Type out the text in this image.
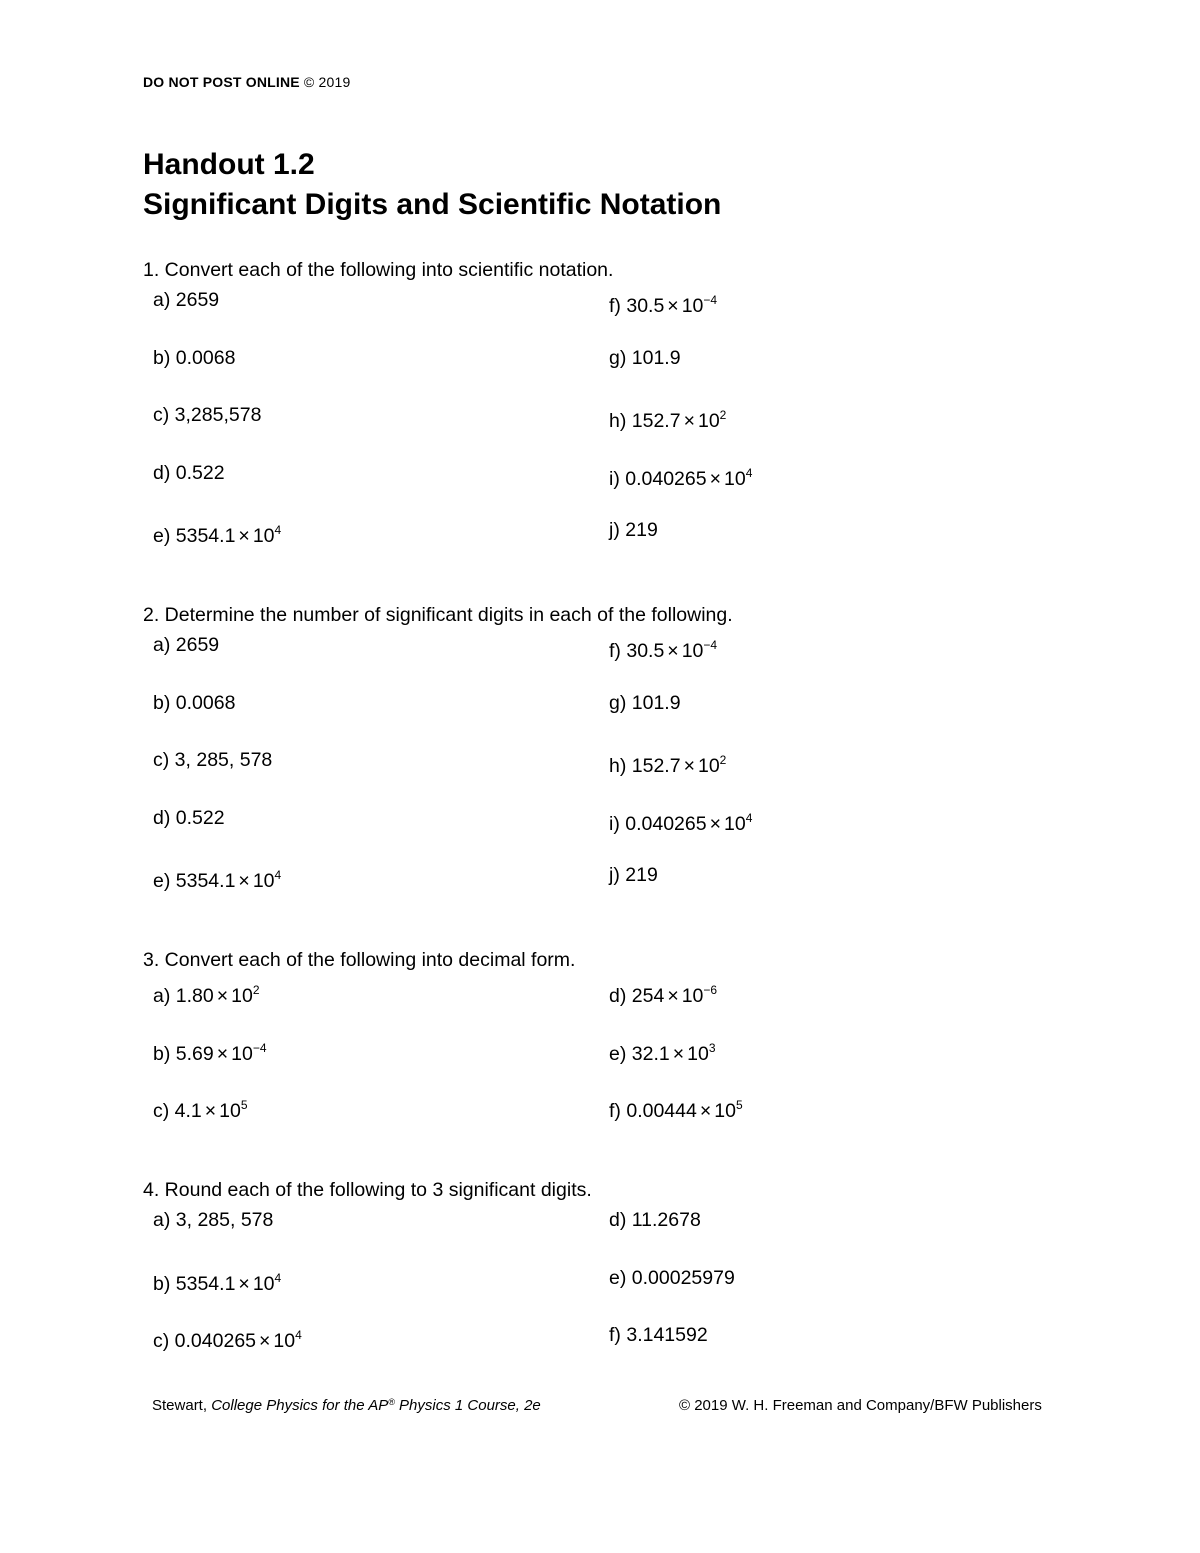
DO NOT POST ONLINE © 2019
Handout 1.2
Significant Digits and Scientific Notation
1. Convert each of the following into scientific notation.
a) 2659
b) 0.0068
c) 3,285,578
d) 0.522
e) $5354.1 \times 10^4$
f) $30.5 \times 10^{-4}$
g) 101.9
h) $152.7 \times 10^2$
i) $0.040265 \times 10^4$
j) 219
2. Determine the number of significant digits in each of the following.
a) 2659
b) 0.0068
c) 3, 285, 578
d) 0.522
e) $5354.1 \times 10^4$
f) $30.5 \times 10^{-4}$
g) 101.9
h) $152.7 \times 10^2$
i) $0.040265 \times 10^4$
j) 219
3. Convert each of the following into decimal form.
a) $1.80 \times 10^2$
b) $5.69 \times 10^{-4}$
c) $4.1 \times 10^5$
d) $254 \times 10^{-6}$
e) $32.1 \times 10^3$
f) $0.00444 \times 10^5$
4. Round each of the following to 3 significant digits.
a) 3, 285, 578
b) $5354.1 \times 10^4$
c) $0.040265 \times 10^4$
d) 11.2678
e) 0.00025979
f) 3.141592
Stewart, College Physics for the AP® Physics 1 Course, 2e	© 2019 W. H. Freeman and Company/BFW Publishers
